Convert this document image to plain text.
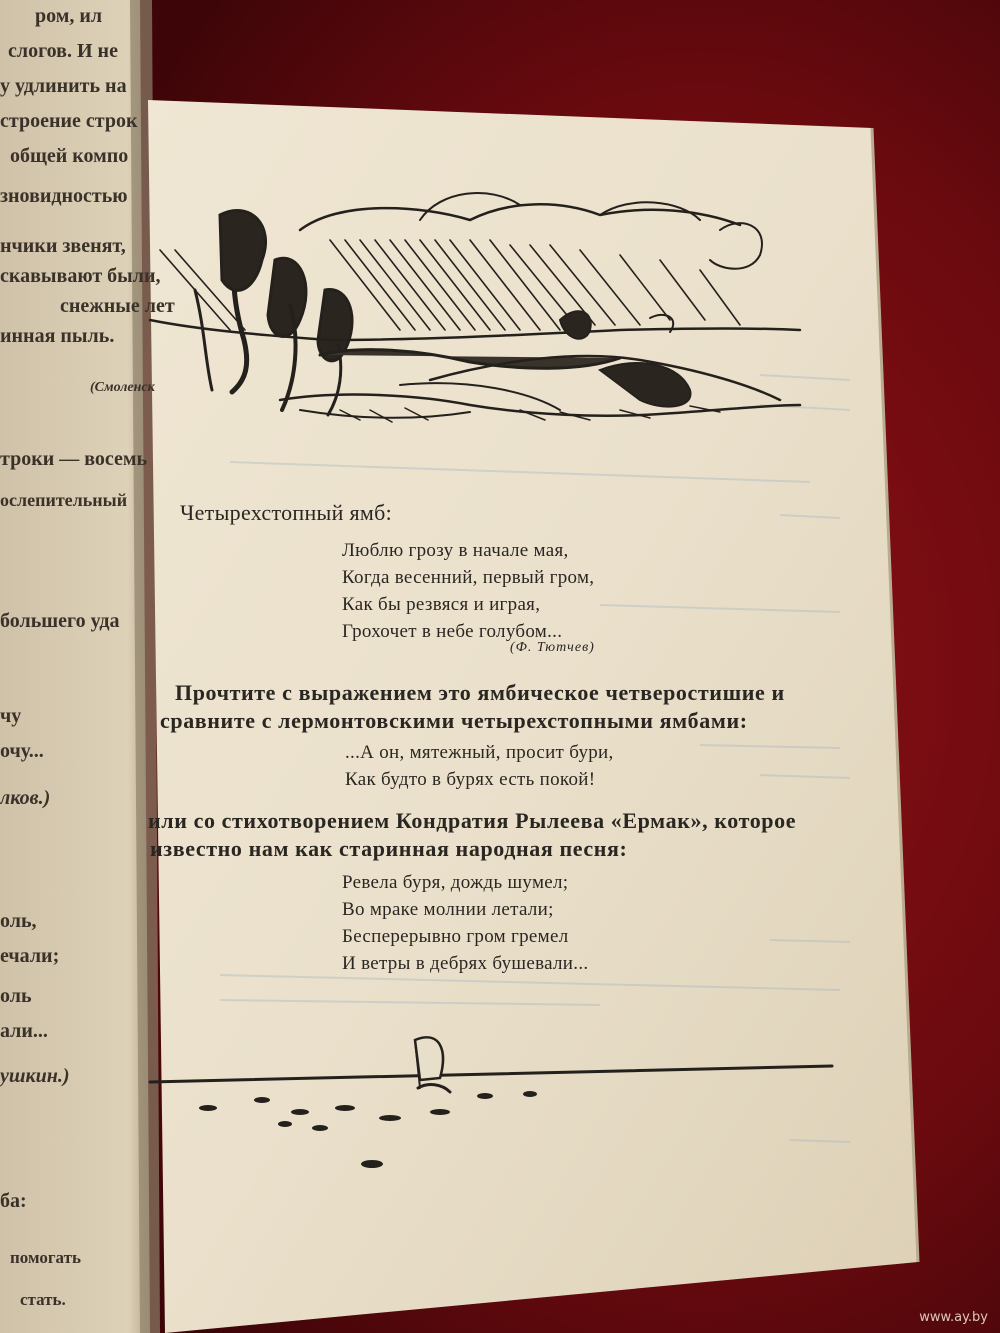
ром, ил
слогов. И не
у удлинить на
строение строк
общей компо
зновидностью
нчики звенят,
скавывают были,
снежные лет
инная пыль.
(Смоленск
троки — восемь
ослепительный
большего уда
чу
очу...
лков.)
оль,
ечали;
оль
али...
ушкин.)
ба:
помогать
стать.
Четырехстопный ямб:
Люблю грозу в начале мая,
Когда весенний, первый гром,
Как бы резвяся и играя,
Грохочет в небе голубом...
(Ф. Тютчев)
Прочтите с выражением это ямбическое четверостишие и
сравните с лермонтовскими четырехстопными ямбами:
...А он, мятежный, просит бури,
Как будто в бурях есть покой!
или со стихотворением Кондратия Рылеева «Ермак», которое
известно нам как старинная народная песня:
Ревела буря, дождь шумел;
Во мраке молнии летали;
Бесперерывно гром гремел
И ветры в дебрях бушевали...
www.ay.by
